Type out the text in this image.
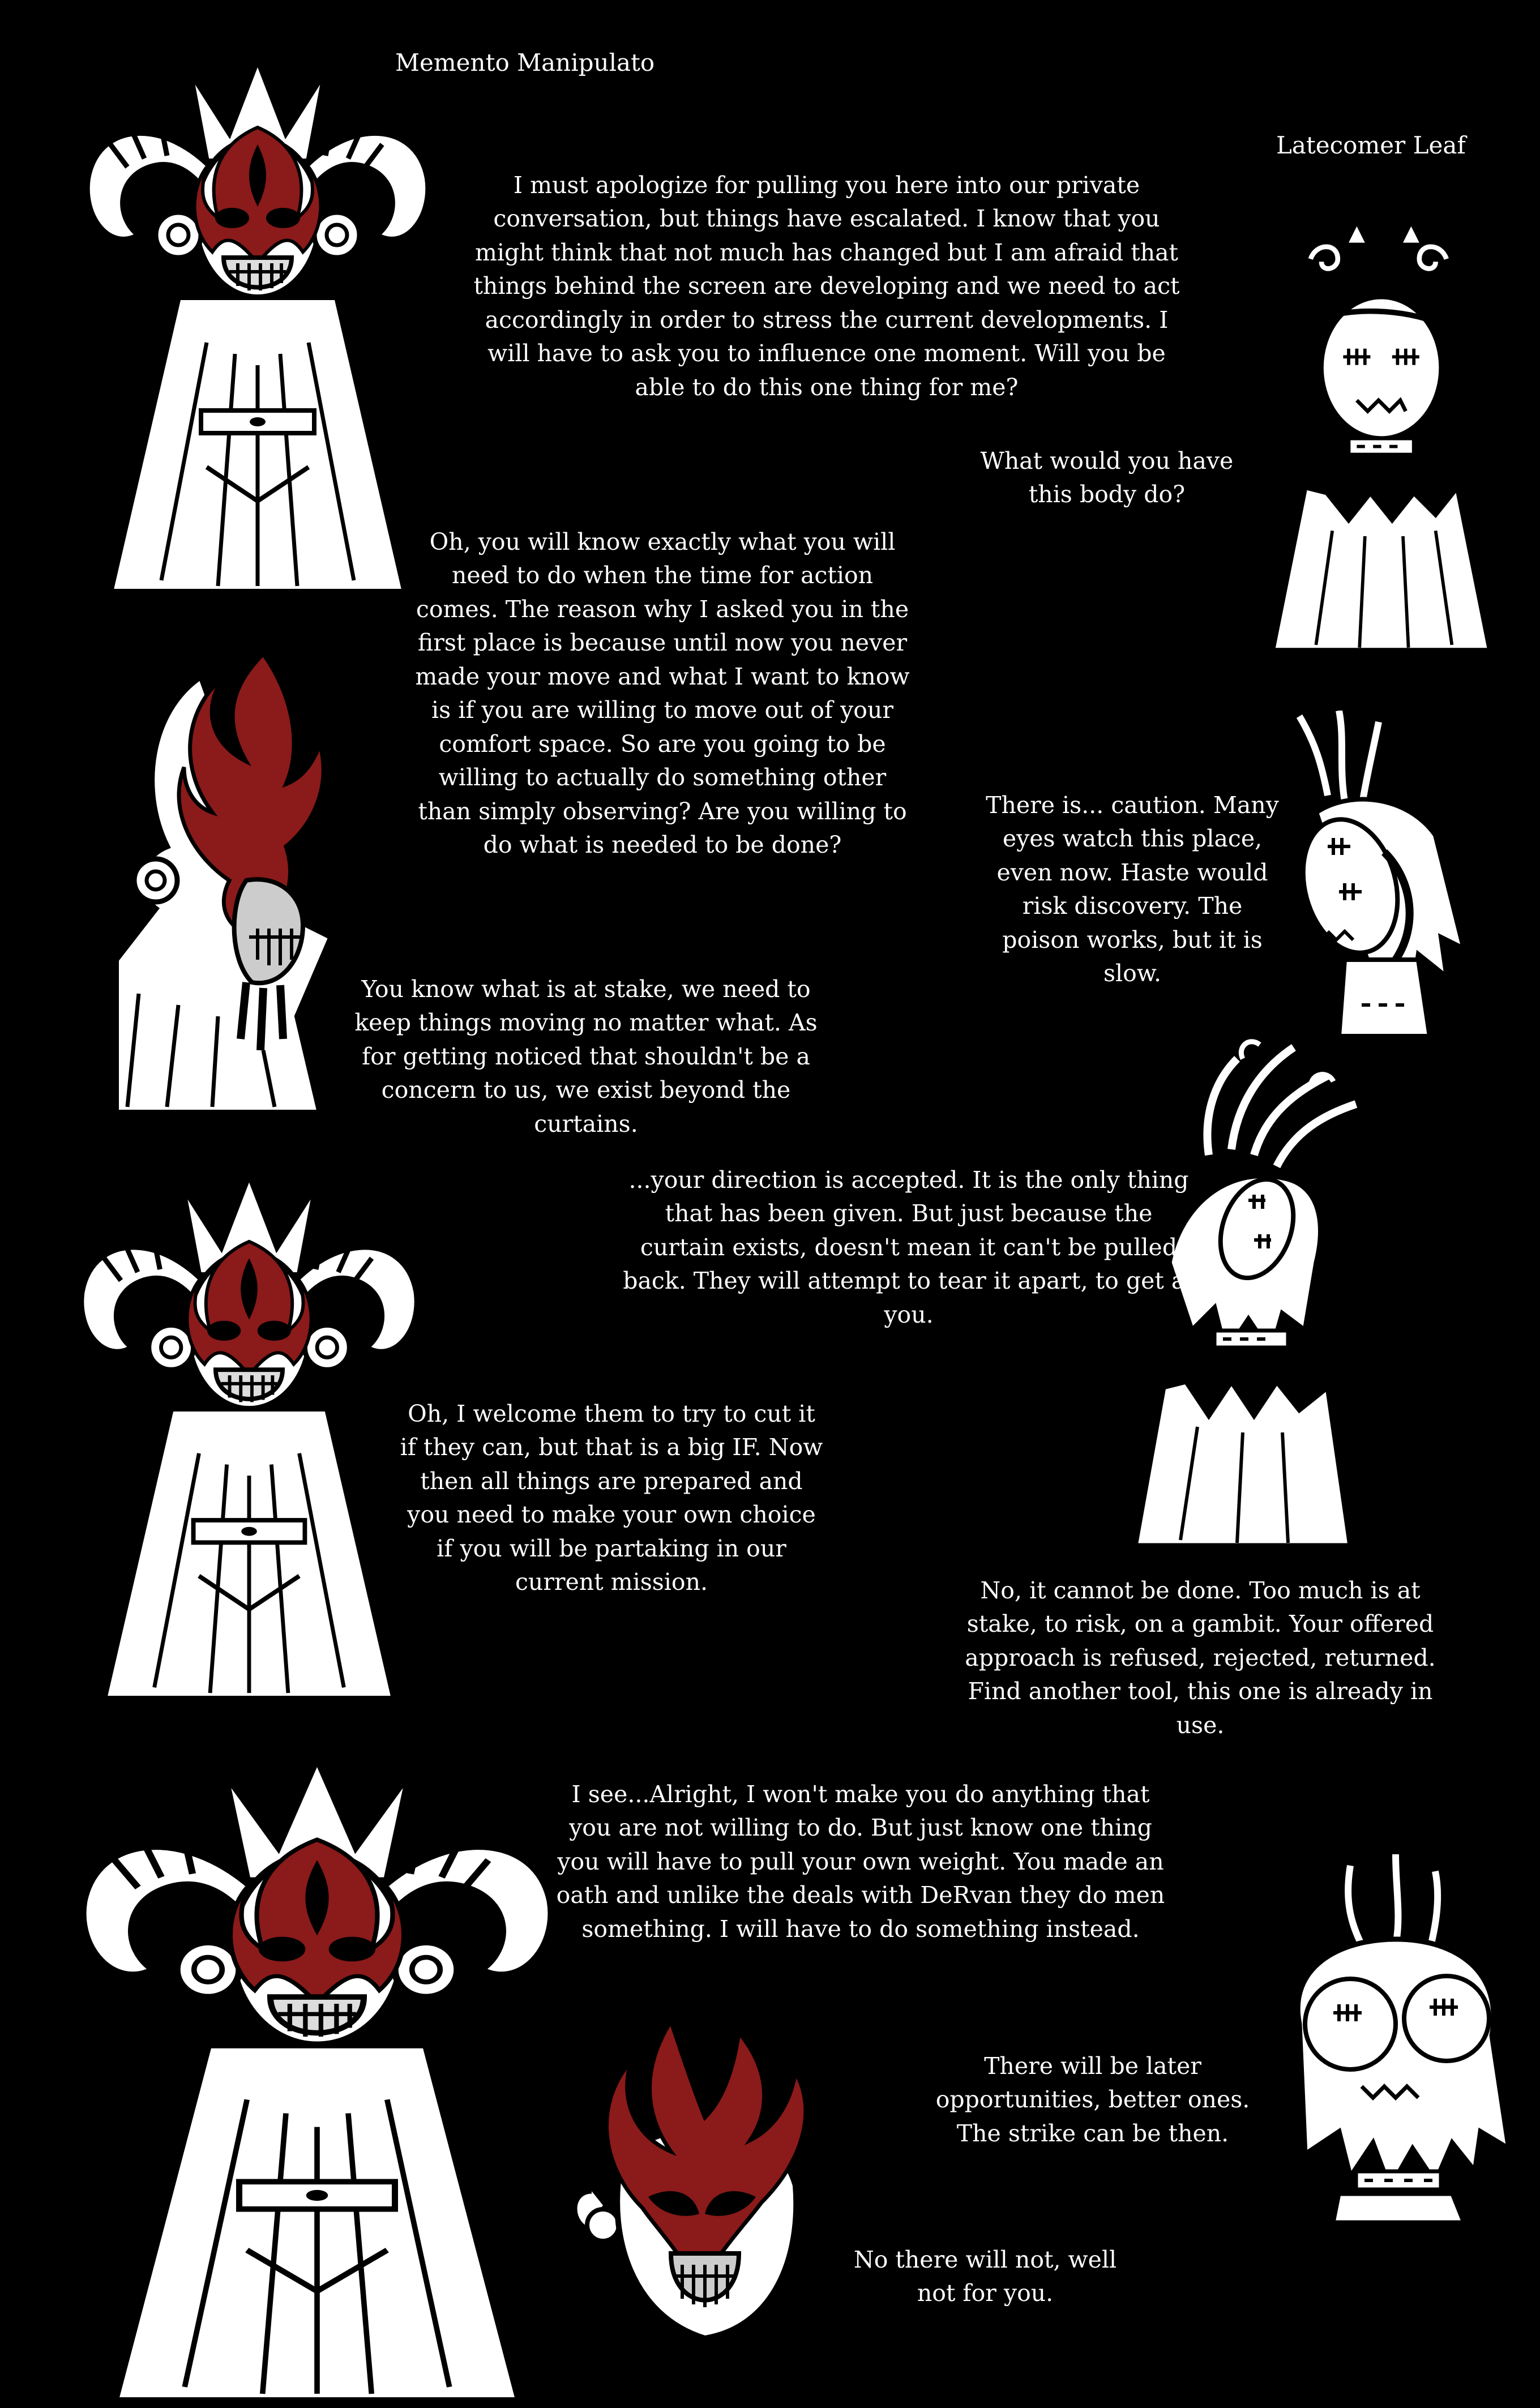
Memento Manipulato
Latecomer Leaf
I must apologize for pulling you here into our private conversation, but things have escalated. I know that you might think that not much has changed but I am afraid that things behind the screen are developing and we need to act accordingly in order to stress the current developments. I will have to ask you to influence one moment. Will you be able to do this one thing for me?
What would you have this body do?
Oh, you will know exactly what you will need to do when the time for action comes. The reason why I asked you in the first place is because until now you never made your move and what I want to know is if you are willing to move out of your comfort space. So are you going to be willing to actually do something other than simply observing? Are you willing to do what is needed to be done?
There is... caution. Many eyes watch this place, even now. Haste would risk discovery. The poison works, but it is slow.
You know what is at stake, we need to keep things moving no matter what. As for getting noticed that shouldn't be a concern to us, we exist beyond the curtains.
...your direction is accepted. It is the only thing that has been given. But just because the curtain exists, doesn't mean it can't be pulled back. They will attempt to tear it apart, to get at you.
Oh, I welcome them to try to cut it if they can, but that is a big IF. Now then all things are prepared and you need to make your own choice if you will be partaking in our current mission.	No, it cannot be done. Too much is at stake, to risk, on a gambit. Your offered approach is refused, rejected, returned. Find another tool, this one is already in use.
I see...Alright, I won't make you do anything that you are not willing to do. But just know one thing you will have to pull your own weight. You made an oath and unlike the deals with DeRvan they do men something. I will have to do something instead.
There will be later opportunities, better ones. The strike can be then.
No there will not, well not for you.
